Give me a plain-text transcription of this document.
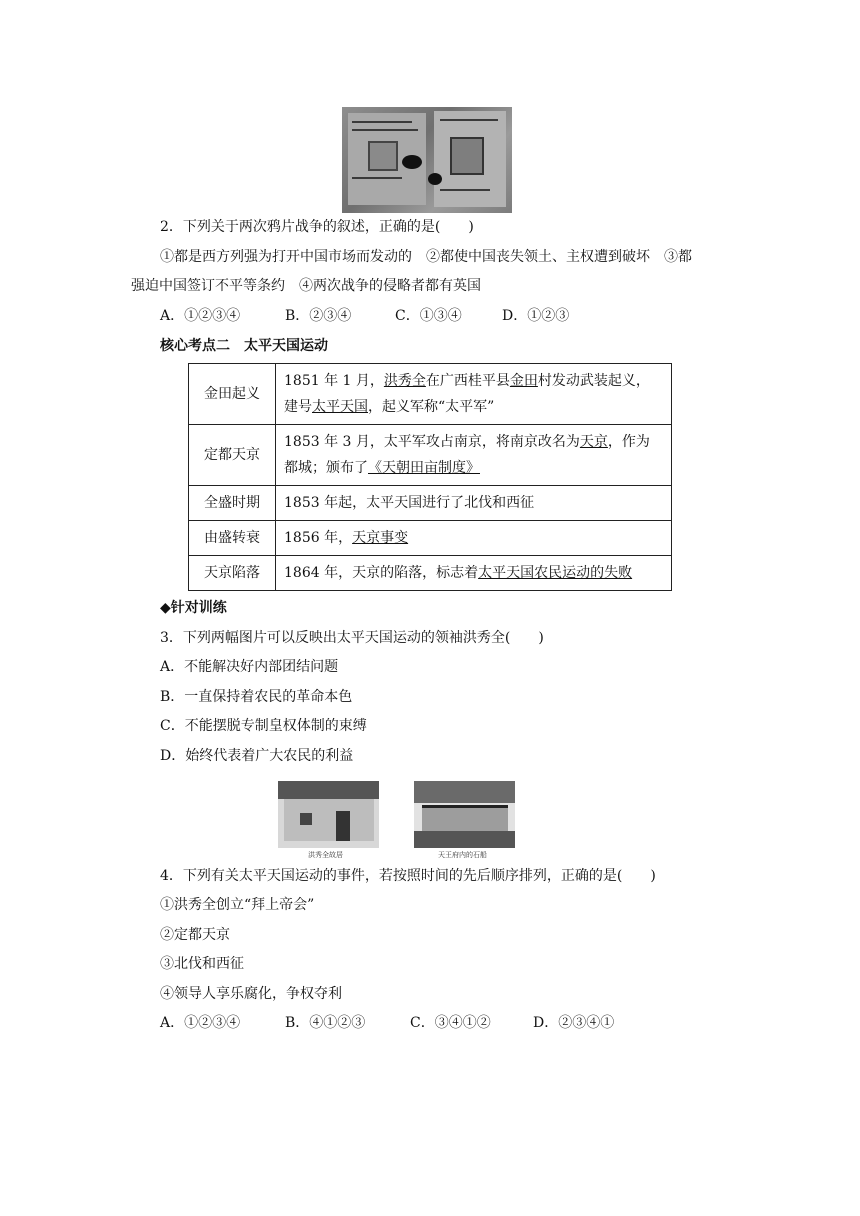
2．下列关于两次鸦片战争的叙述，正确的是(　　)
①都是西方列强为打开中国市场而发动的　②都使中国丧失领土、主权遭到破坏　③都
强迫中国签订不平等条约　④两次战争的侵略者都有英国
A．①②③④	B．②③④	C．①③④	D．①②③
核心考点二　太平天国运动
金田起义	1851 年 1 月，洪秀全在广西桂平县金田村发动武装起义，
建号太平天国，起义军称“太平军”
定都天京	1853 年 3 月，太平军攻占南京，将南京改名为天京，作为
都城；颁布了《天朝田亩制度》
全盛时期	1853 年起，太平天国进行了北伐和西征
由盛转衰	1856 年，天京事变
天京陷落	1864 年，天京的陷落，标志着太平天国农民运动的失败
◆针对训练
3．下列两幅图片可以反映出太平天国运动的领袖洪秀全(　　)
A．不能解决好内部团结问题
B．一直保持着农民的革命本色
C．不能摆脱专制皇权体制的束缚
D．始终代表着广大农民的利益
洪秀全故居	天王府内的石船
4．下列有关太平天国运动的事件，若按照时间的先后顺序排列，正确的是(　　)
①洪秀全创立“拜上帝会”
②定都天京
③北伐和西征
④领导人享乐腐化，争权夺利
A．①②③④	B．④①②③	C．③④①②	D．②③④①
